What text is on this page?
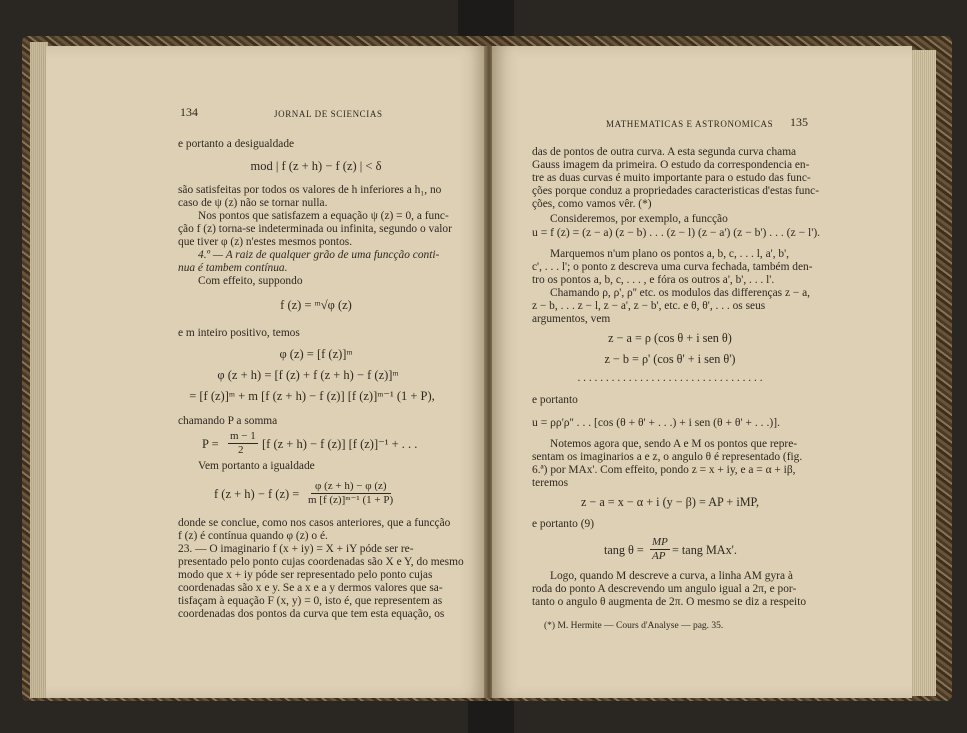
134	JORNAL DE SCIENCIAS
e portanto a desigualdade
mod | f (z + h) − f (z) | < δ
são satisfeitas por todos os valores de h inferiores a h₁, no
caso de ψ (z) não se tornar nulla.
Nos pontos que satisfazem a equação ψ (z) = 0, a func-
ção f (z) torna-se indeterminada ou infinita, segundo o valor
que tiver φ (z) n'estes mesmos pontos.
4.º — A raiz de qualquer grão de uma funcção conti-
nua é tambem contínua.
Com effeito, suppondo
f (z) = ᵐ√φ (z)
e m inteiro positivo, temos
φ (z) = [f (z)]ᵐ
φ (z + h) = [f (z) + f (z + h) − f (z)]ᵐ
= [f (z)]ᵐ + m [f (z + h) − f (z)] [f (z)]ᵐ⁻¹ (1 + P),
chamando P a somma
P =
m − 1
2 [f (z + h) − f (z)] [f (z)]⁻¹ + . . .
Vem portanto a igualdade
f (z + h) − f (z) =
φ (z + h) − φ (z)
m [f (z)]ᵐ⁻¹ (1 + P)
donde se conclue, como nos casos anteriores, que a funcção
f (z) é contínua quando φ (z) o é.
23. — O imaginario f (x + iy) = X + iY póde ser re-
presentado pelo ponto cujas coordenadas são X e Y, do mesmo
modo que x + iy póde ser representado pelo ponto cujas
coordenadas são x e y. Se a x e a y dermos valores que sa-
tisfaçam à equação F (x, y) = 0, isto é, que representem as
coordenadas dos pontos da curva que tem esta equação, os
MATHEMATICAS E ASTRONOMICAS 135
das de pontos de outra curva. A esta segunda curva chama
Gauss imagem da primeira. O estudo da correspondencia en-
tre as duas curvas é muito importante para o estudo das func-
ções porque conduz a propriedades caracteristicas d'estas func-
ções, como vamos vêr. (*)
Consideremos, por exemplo, a funcção
u = f (z) = (z − a) (z − b) . . . (z − l) (z − a') (z − b') . . . (z − l').
Marquemos n'um plano os pontos a, b, c, . . . l, a', b',
c', . . . l'; o ponto z descreva uma curva fechada, também den-
tro os pontos a, b, c, . . . , e fóra os outros a', b', . . . l'.
Chamando ρ, ρ', ρ'' etc. os modulos das differenças z − a,
z − b, . . . z − l, z − a', z − b', etc. e θ, θ', . . . os seus
argumentos, vem
z − a = ρ (cos θ + i sen θ)
z − b = ρ' (cos θ' + i sen θ')
. . . . . . . . . . . . . . . . . . . . . . . . . . . . . . . . .
e portanto
u = ρρ'ρ'' . . . [cos (θ + θ' + . . .) + i sen (θ + θ' + . . .)].
Notemos agora que, sendo A e M os pontos que repre-
sentam os imaginarios a e z, o angulo θ é representado (fig.
6.ª) por MAx'. Com effeito, pondo z = x + iy, e a = α + iβ,
teremos
z − a = x − α + i (y − β) = AP + iMP,
e portanto (9)
tang θ =
MP
AP = tang MAx'.
Logo, quando M descreve a curva, a linha AM gyra à
roda do ponto A descrevendo um angulo igual a 2π, e por-
tanto o angulo θ augmenta de 2π. O mesmo se diz a respeito
(*) M. Hermite — Cours d'Analyse — pag. 35.
